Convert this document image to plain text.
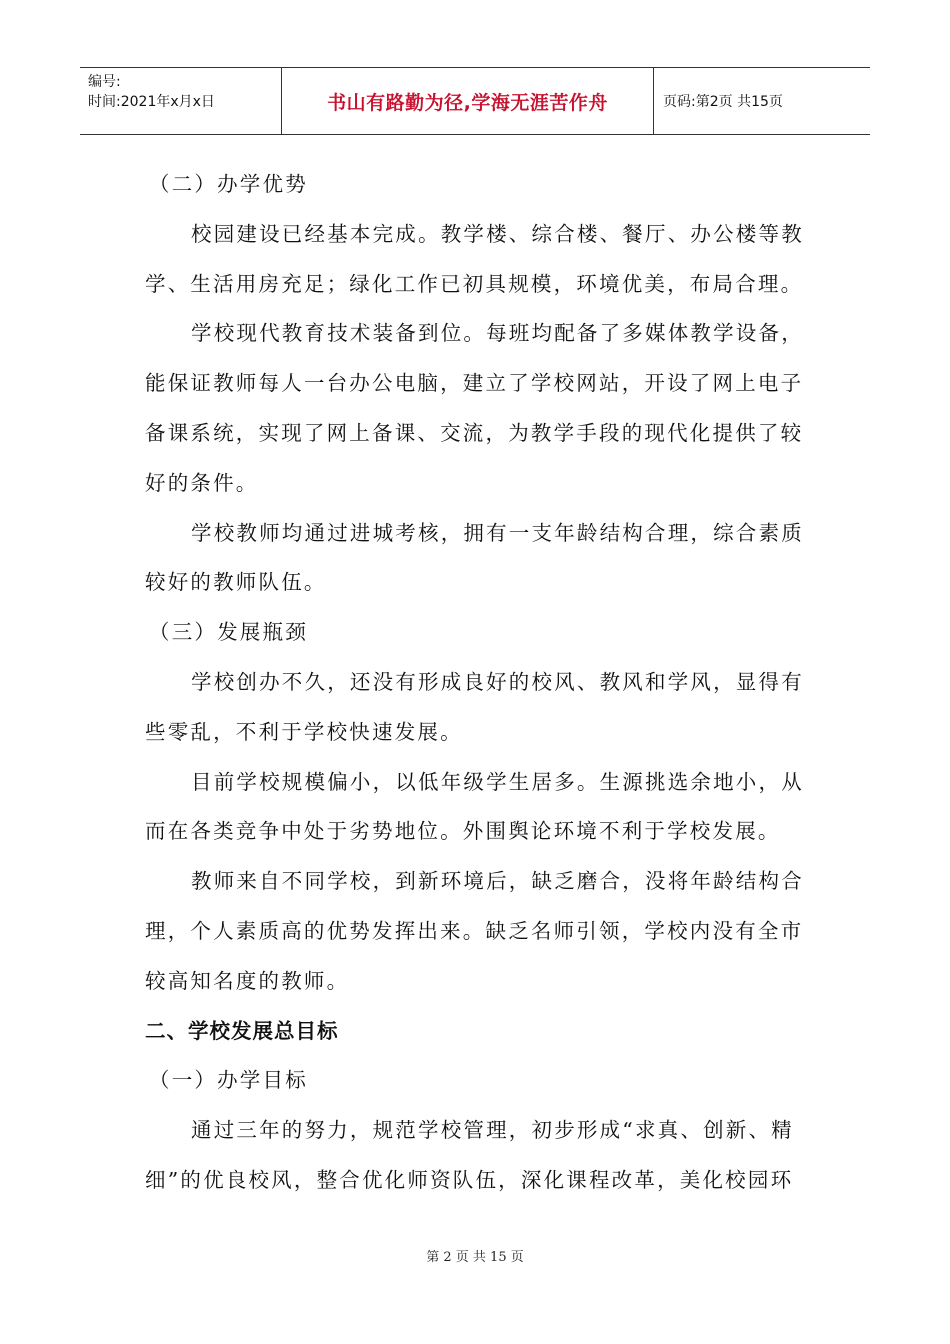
编号:
时间:2021年x月x日	书山有路勤为径,学海无涯苦作舟	页码:第2页 共15页
（二）办学优势
校园建设已经基本完成。教学楼、综合楼、餐厅、办公楼等教
学、生活用房充足；绿化工作已初具规模，环境优美，布局合理。
学校现代教育技术装备到位。每班均配备了多媒体教学设备，
能保证教师每人一台办公电脑，建立了学校网站，开设了网上电子
备课系统，实现了网上备课、交流，为教学手段的现代化提供了较
好的条件。
学校教师均通过进城考核，拥有一支年龄结构合理，综合素质
较好的教师队伍。
（三）发展瓶颈
学校创办不久，还没有形成良好的校风、教风和学风，显得有
些零乱，不利于学校快速发展。
目前学校规模偏小，以低年级学生居多。生源挑选余地小，从
而在各类竞争中处于劣势地位。外围舆论环境不利于学校发展。
教师来自不同学校，到新环境后，缺乏磨合，没将年龄结构合
理，个人素质高的优势发挥出来。缺乏名师引领，学校内没有全市
较高知名度的教师。
二、学校发展总目标
（一）办学目标
通过三年的努力，规范学校管理，初步形成“求真、创新、精
细”的优良校风，整合优化师资队伍，深化课程改革，美化校园环
第 2 页 共 15 页
